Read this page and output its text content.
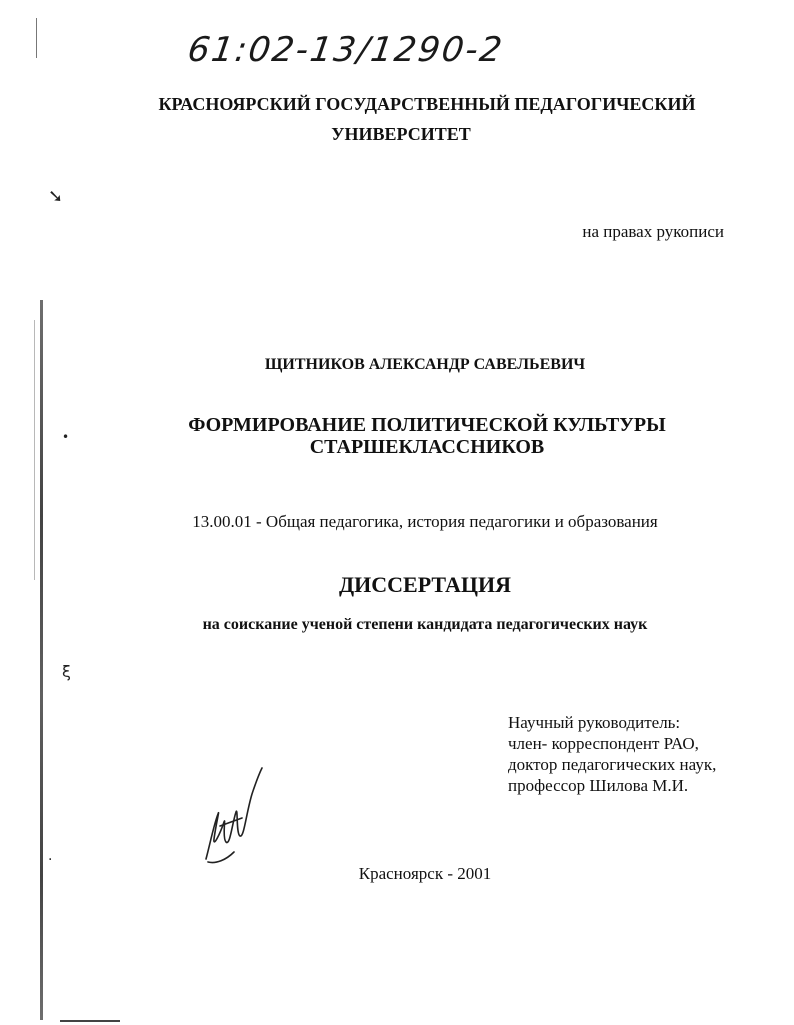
➘
•
ξ
·
61:02-13/1290-2
КРАСНОЯРСКИЙ ГОСУДАРСТВЕННЫЙ ПЕДАГОГИЧЕСКИЙ
УНИВЕРСИТЕТ
на правах рукописи
ЩИТНИКОВ АЛЕКСАНДР САВЕЛЬЕВИЧ
ФОРМИРОВАНИЕ ПОЛИТИЧЕСКОЙ КУЛЬТУРЫ
СТАРШЕКЛАССНИКОВ
13.00.01 - Общая педагогика, история педагогики и образования
ДИССЕРТАЦИЯ
на соискание ученой степени кандидата педагогических наук
Научный руководитель:
член- корреспондент РАО,
доктор педагогических наук,
профессор Шилова М.И.
Красноярск - 2001
